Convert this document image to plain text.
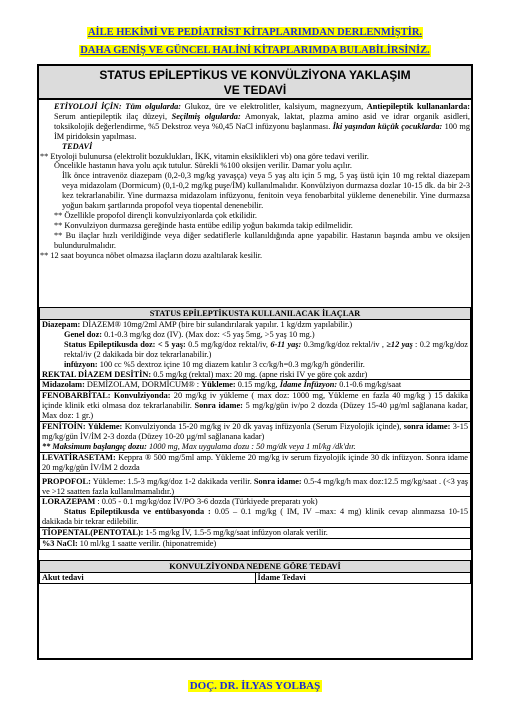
AİLE HEKİMİ VE PEDİATRİST KİTAPLARIMDAN DERLENMİŞTİR.
DAHA GENİŞ VE GÜNCEL HALİNİ KİTAPLARIMDA BULABİLİRSİNİZ.
STATUS EPİLEPTİKUS VE KONVÜLZİYONA YAKLAŞIM
VE TEDAVİ

ETİYOLOJİ İÇİN: Tüm olgularda: Glukoz, üre ve elektrolitler, kalsiyum, magnezyum, Antiepileptik kullananlarda: Serum antiepileptik ilaç düzeyi, Seçilmiş olgularda: Amonyak, laktat, plazma amino asid ve idrar organik asidleri, toksikolojik değerlendirme, %5 Dekstroz veya %0,45 NaCl infüzyonu başlanması. İki yaşından küçük çocuklarda: 100 mg İM piridoksin yapılması.

TEDAVİ

** Etyoloji bulunursa (elektrolit bozuklukları, İKK, vitamin eksiklikleri vb) ona göre tedavi verilir.

Öncelikle hastanın hava yolu açık tutulur. Sürekli %100 oksijen verilir. Damar yolu açılır.

İlk önce intravenöz diazepam (0,2-0,3 mg/kg yavaşça) veya 5 yaş altı için 5 mg, 5 yaş üstü için 10 mg rektal diazepam veya midazolam (Dormicum) (0,1-0,2 mg/kg puşe/İM) kullanılmalıdır. Konvülziyon durmazsa dozlar 10-15 dk. da bir 2-3 kez tekrarlanabilir. Yine durmazsa midazolam infüzyonu, fenitoin veya fenobarbital yükleme denenebilir. Yine durmazsa yoğun bakım şartlarında propofol veya tiopental denenebilir.

** Özellikle propofol dirençli konvulziyonlarda çok etkilidir.

** Konvulziyon durmazsa gereğinde hasta entübe edilip yoğun bakımda takip edilmelidir.

** Bu ilaçlar hızlı verildiğinde veya diğer sedatiflerle kullanıldığında apne yapabilir. Hastanın başında ambu ve oksijen bulundurulmalıdır.

** 12 saat boyunca nöbet olmazsa ilaçların dozu azaltılarak kesilir.

STATUS EPİLEPTİKUSTA KULLANILACAK İLAÇLAR
Diazepam: DİAZEM® 10mg/2ml AMP (bire bir sulandırılarak yapılır. 1 kg/dzm yapılabilir.)
Genel doz: 0.1-0.3 mg/kg doz (IV). (Max doz: <5 yaş 5mg, >5 yaş 10 mg.)
Status Epileptikusda doz: < 5 yaş: 0.5 mg/kg/doz rektal/iv, 6-11 yaş: 0.3mg/kg/doz rektal/iv , ≥12 yaş : 0.2 mg/kg/doz rektal/iv (2 dakikada bir doz tekrarlanabilir.)
infüzyon: 100 cc %5 dextroz içine 10 mg diazem katılır 3 cc/kg/h=0.3 mg/kg/h gönderilir.
REKTAL DİAZEM DESİTİN: 0.5 mg/kg (rektal) max: 20 mg. (apne riski IV ye göre çok azdır)
Midazolam: DEMİZOLAM, DORMİCUM® : Yükleme: 0.15 mg/kg, İdame İnfüzyon: 0.1-0.6 mg/kg/saat
FENOBARBİTAL: Konvulziyonda: 20 mg/kg iv yükleme ( max doz: 1000 mg, Yükleme en fazla 40 mg/kg ) 15 dakika içinde klinik etki olmasa doz tekrarlanabilir. Sonra idame: 5 mg/kg/gün iv/po 2 dozda (Düzey 15-40 µg/ml sağlanana kadar, Max doz: 1 gr.)
FENİTOİN: Yükleme: Konvulziyonda 15-20 mg/kg iv 20 dk yavaş infüzyonla (Serum Fizyolojik içinde), sonra idame: 3-15 mg/kg/gün İV/İM 2-3 dozda (Düzey 10-20 µg/ml sağlanana kadar)
** Maksimum başlangıç dozu: 1000 mg, Max uygulama dozu : 50 mg/dk veya 1 ml/kg /dk'dır.
LEVATİRASETAM: Keppra ® 500 mg/5ml amp. Yükleme 20 mg/kg iv serum fizyolojik içinde 30 dk infüzyon. Sonra idame 20 mg/kg/gün İV/İM 2 dozda
PROPOFOL: Yükleme: 1.5-3 mg/kg/doz 1-2 dakikada verilir. Sonra idame: 0.5-4 mg/kg/h max doz:12.5 mg/kg/saat . (<3 yaş ve >12 saatten fazla kullanılmamalıdır.)
LORAZEPAM : 0.05 - 0.1 mg/kg/doz İV/PO 3-6 dozda (Türkiyede preparatı yok)
Status Epileptikusda ve entübasyonda : 0.05 – 0.1 mg/kg ( IM, IV –max: 4 mg) klinik cevap alınmazsa 10-15 dakikada bir tekrar edilebilir.
TİOPENTAL(PENTOTAL): 1-5 mg/kg İV, 1.5-5 mg/kg/saat infüzyon olarak verilir.
%3 NaCl: 10 ml/kg 1 saatte verilir. (hiponatremide)
KONVULZİYONDA NEDENE GÖRE TEDAVİ
Akut tedavi	İdame Tedavi
DOÇ. DR. İLYAS YOLBAŞ
